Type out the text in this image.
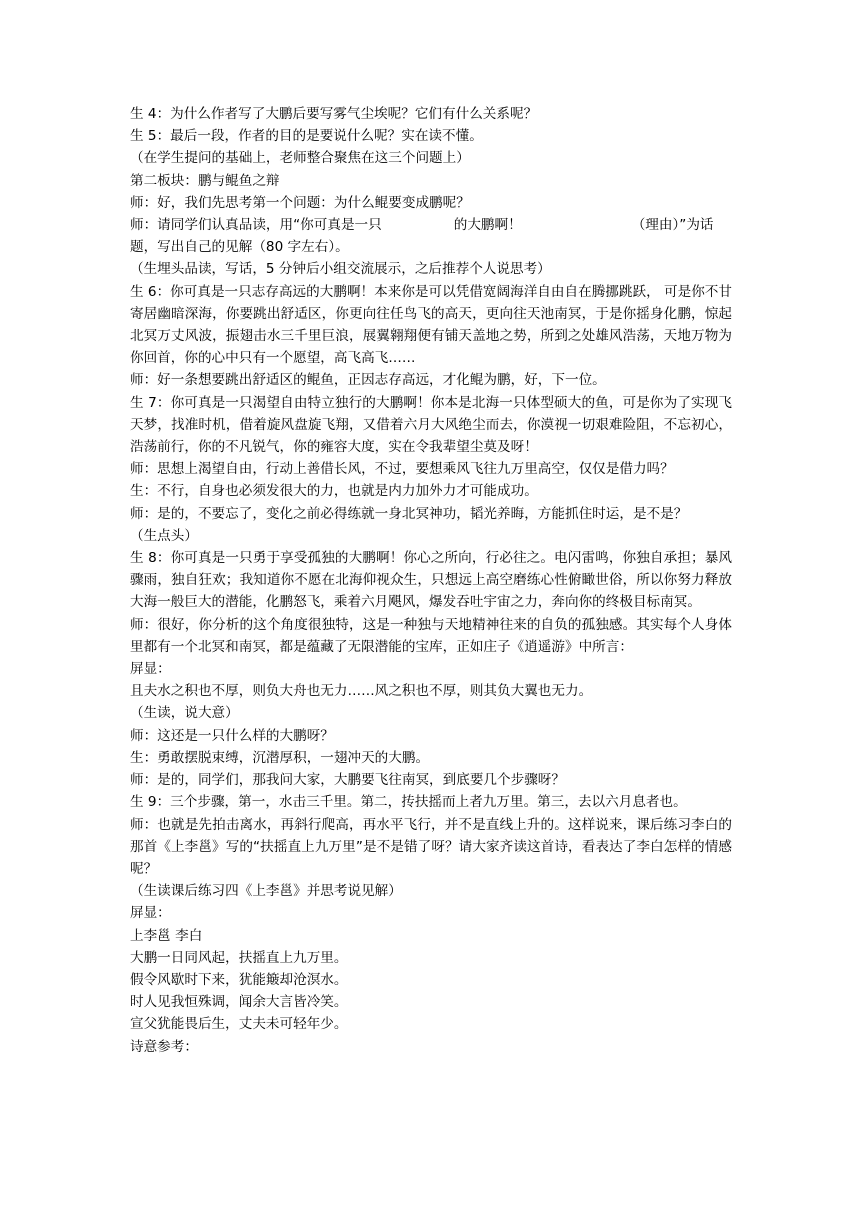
生 4：为什么作者写了大鹏后要写雾气尘埃呢？它们有什么关系呢？
生 5：最后一段，作者的目的是要说什么呢？实在读不懂。
（在学生提问的基础上，老师整合聚焦在这三个问题上）
第二板块：鹏与鲲鱼之辩
师：好，我们先思考第一个问题：为什么鲲要变成鹏呢？
师：请同学们认真品读，用“你可真是一只	的大鹏啊！	（理由）”为话题，写出自己的见解（80 字左右）。
（生埋头品读，写话，5 分钟后小组交流展示，之后推荐个人说思考）
生 6：你可真是一只志存高远的大鹏啊！本来你是可以凭借宽阔海洋自由自在腾挪跳跃， 可是你不甘寄居幽暗深海，你要跳出舒适区，你更向往任鸟飞的高天，更向往天池南冥，于是你摇身化鹏，惊起北冥万丈风波，振翅击水三千里巨浪，展翼翱翔便有铺天盖地之势，所到之处雄风浩荡，天地万物为你回首，你的心中只有一个愿望，高飞高飞……
师：好一条想要跳出舒适区的鲲鱼，正因志存高远，才化鲲为鹏，好，下一位。
生 7：你可真是一只渴望自由特立独行的大鹏啊！你本是北海一只体型硕大的鱼，可是你为了实现飞天梦，找准时机，借着旋风盘旋飞翔，又借着六月大风绝尘而去，你漠视一切艰难险阻，不忘初心，浩荡前行，你的不凡锐气，你的雍容大度，实在令我辈望尘莫及呀！
师：思想上渴望自由，行动上善借长风，不过，要想乘风飞往九万里高空，仅仅是借力吗？
生：不行，自身也必须发很大的力，也就是内力加外力才可能成功。
师：是的，不要忘了，变化之前必得练就一身北冥神功，韬光养晦，方能抓住时运，是不是？
（生点头）
生 8：你可真是一只勇于享受孤独的大鹏啊！你心之所向，行必往之。电闪雷鸣，你独自承担；暴风骤雨，独自狂欢；我知道你不愿在北海仰视众生，只想远上高空磨练心性俯瞰世俗，所以你努力释放大海一般巨大的潜能，化鹏怒飞，乘着六月飓风，爆发吞吐宇宙之力，奔向你的终极目标南冥。
师：很好，你分析的这个角度很独特，这是一种独与天地精神往来的自负的孤独感。其实每个人身体里都有一个北冥和南冥，都是蕴藏了无限潜能的宝库，正如庄子《逍遥游》中所言：
屏显：
且夫水之积也不厚，则负大舟也无力……风之积也不厚，则其负大翼也无力。
（生读，说大意）
师：这还是一只什么样的大鹏呀？
生：勇敢摆脱束缚，沉潜厚积，一翅冲天的大鹏。
师：是的，同学们，那我问大家，大鹏要飞往南冥，到底要几个步骤呀？
生 9：三个步骤，第一，水击三千里。第二，抟扶摇而上者九万里。第三，去以六月息者也。
师：也就是先拍击离水，再斜行爬高，再水平飞行，并不是直线上升的。这样说来，课后练习李白的那首《上李邕》写的“扶摇直上九万里”是不是错了呀？请大家齐读这首诗，看表达了李白怎样的情感呢？
（生读课后练习四《上李邕》并思考说见解）
屏显：
上李邕 李白
大鹏一日同风起，扶摇直上九万里。
假令风歇时下来，犹能簸却沧溟水。
时人见我恒殊调，闻余大言皆冷笑。
宣父犹能畏后生，丈夫未可轻年少。
诗意参考：
